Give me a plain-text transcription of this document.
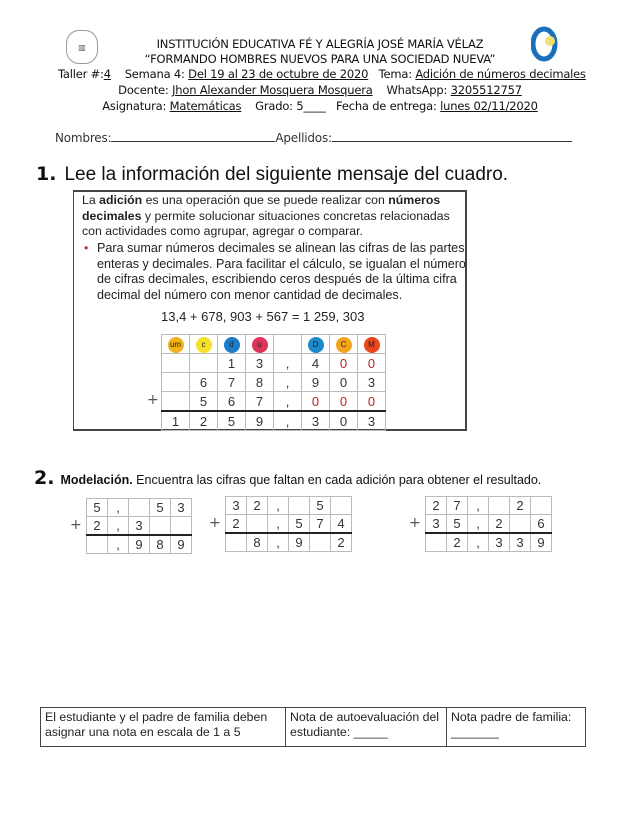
▥	INSTITUCIÓN EDUCATIVA FÉ Y ALEGRÍA JOSÉ MARÍA VÉLAZ
“FORMANDO HOMBRES NUEVOS PARA UNA SOCIEDAD NUEVA”
Taller #:4 Semana 4: Del 19 al 23 de octubre de 2020 Tema: Adición de números decimales
Docente: Jhon Alexander Mosquera Mosquera WhatsApp: 3205512757
Asignatura: Matemáticas Grado: 5____ Fecha de entrega: lunes 02/11/2020
Nombres:	Apellidos:
1. Lee la información del siguiente mensaje del cuadro.
La adición es una operación que se puede realizar con números decimales y permite solucionar situaciones concretas relacionadas con actividades como agrupar, agregar o comparar.
• Para sumar números decimales se alinean las cifras de las partes enteras y decimales. Para facilitar el cálculo, se igualan el número de cifras decimales, escribiendo ceros después de la última cifra decimal del número con menor cantidad de decimales.
13,4 + 678, 903 + 567 = 1 259, 303
+
um	c	d	u		D	C	M
		1	3	,	4	0	0
	6	7	8	,	9	0	3
	5	6	7	,	0	0	0
1	2	5	9	,	3	0	3
2. Modelación. Encuentra las cifras que faltan en cada adición para obtener el resultado.
+
5	,		5	3
2	,	3		
	,	9	8	9
+
3	2	,		5	
2		,	5	7	4
	8	,	9		2
+
2	7	,		2	
3	5	,	2		6
	2	,	3	3	9
El estudiante y el padre de familia deben asignar una nota en escala de 1 a 5	Nota de autoevaluación del estudiante: _____	Nota padre de familia: _______
